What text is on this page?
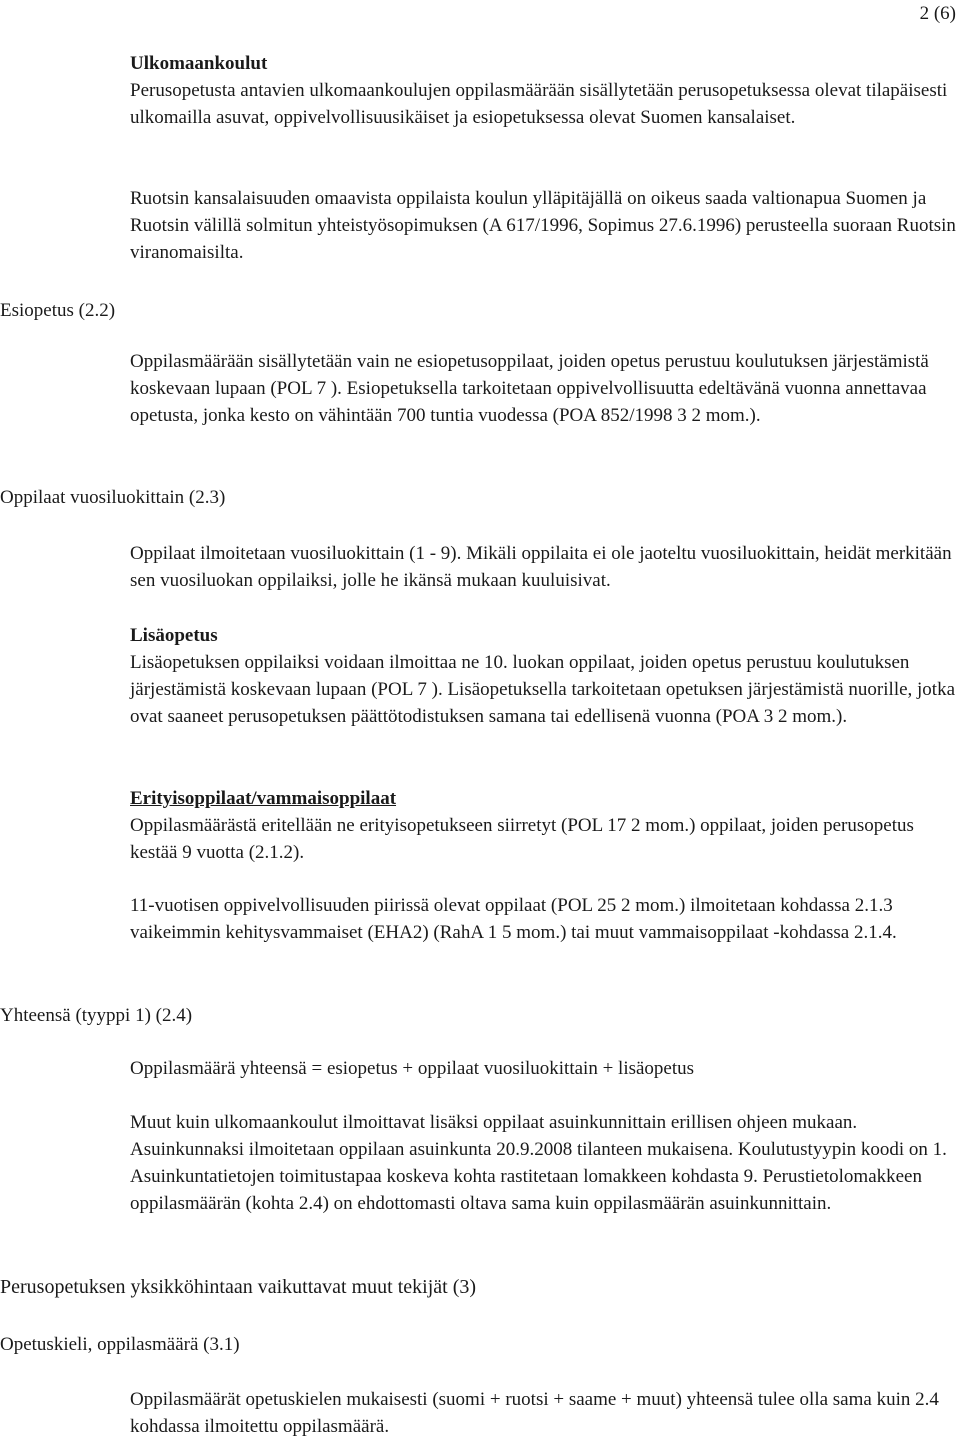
2 (6)
Ulkomaankoulut

Perusopetusta antavien ulkomaankoulujen oppilasmäärään sisällytetään perusopetuksessa olevat tilapäisesti ulkomailla asuvat, oppivelvollisuusikäiset ja esiopetuksessa olevat Suomen kansalaiset.

Ruotsin kansalaisuuden omaavista oppilaista koulun ylläpitäjällä on oikeus saada valtionapua Suomen ja Ruotsin välillä solmitun yhteistyösopimuksen (A 617/1996, Sopimus 27.6.1996) perusteella suoraan Ruotsin viranomaisilta.

Esiopetus (2.2)

Oppilasmäärään sisällytetään vain ne esiopetusoppilaat, joiden opetus perustuu koulutuksen järjestämistä koskevaan lupaan (POL 7 ). Esiopetuksella tarkoitetaan oppivelvollisuutta edeltävänä vuonna annettavaa opetusta, jonka kesto on vähintään 700 tuntia vuodessa (POA 852/1998 3 2 mom.).

Oppilaat vuosiluokittain (2.3)

Oppilaat ilmoitetaan vuosiluokittain (1 - 9). Mikäli oppilaita ei ole jaoteltu vuosiluokittain, heidät merkitään sen vuosiluokan oppilaiksi, jolle he ikänsä mukaan kuuluisivat.

Lisäopetus

Lisäopetuksen oppilaiksi voidaan ilmoittaa ne 10. luokan oppilaat, joiden opetus perustuu koulutuksen järjestämistä koskevaan lupaan (POL 7 ). Lisäopetuksella tarkoitetaan opetuksen järjestämistä nuorille, jotka ovat saaneet perusopetuksen päättötodistuksen samana tai edellisenä vuonna (POA 3 2 mom.).

Erityisoppilaat/vammaisoppilaat

Oppilasmäärästä eritellään ne erityisopetukseen siirretyt (POL 17 2 mom.) oppilaat, joiden perusopetus kestää 9 vuotta (2.1.2).

11-vuotisen oppivelvollisuuden piirissä olevat oppilaat (POL 25 2 mom.) ilmoitetaan kohdassa 2.1.3 vaikeimmin kehitysvammaiset (EHA2) (RahA 1 5 mom.) tai muut vammaisoppilaat -kohdassa 2.1.4.

Yhteensä (tyyppi 1) (2.4)

Oppilasmäärä yhteensä = esiopetus + oppilaat vuosiluokittain + lisäopetus

Muut kuin ulkomaankoulut ilmoittavat lisäksi oppilaat asuinkunnittain erillisen ohjeen mukaan. Asuinkunnaksi ilmoitetaan oppilaan asuinkunta 20.9.2008 tilanteen mukaisena. Koulutustyypin koodi on 1. Asuinkuntatietojen toimitustapaa koskeva kohta rastitetaan lomakkeen kohdasta 9. Perustietolomakkeen oppilasmäärän (kohta 2.4) on ehdottomasti oltava sama kuin oppilasmäärän asuinkunnittain.

Perusopetuksen yksikköhintaan vaikuttavat muut tekijät (3)
Opetuskieli, oppilasmäärä (3.1)

Oppilasmäärät opetuskielen mukaisesti (suomi + ruotsi + saame + muut) yhteensä tulee olla sama kuin 2.4 kohdassa ilmoitettu oppilasmäärä.
